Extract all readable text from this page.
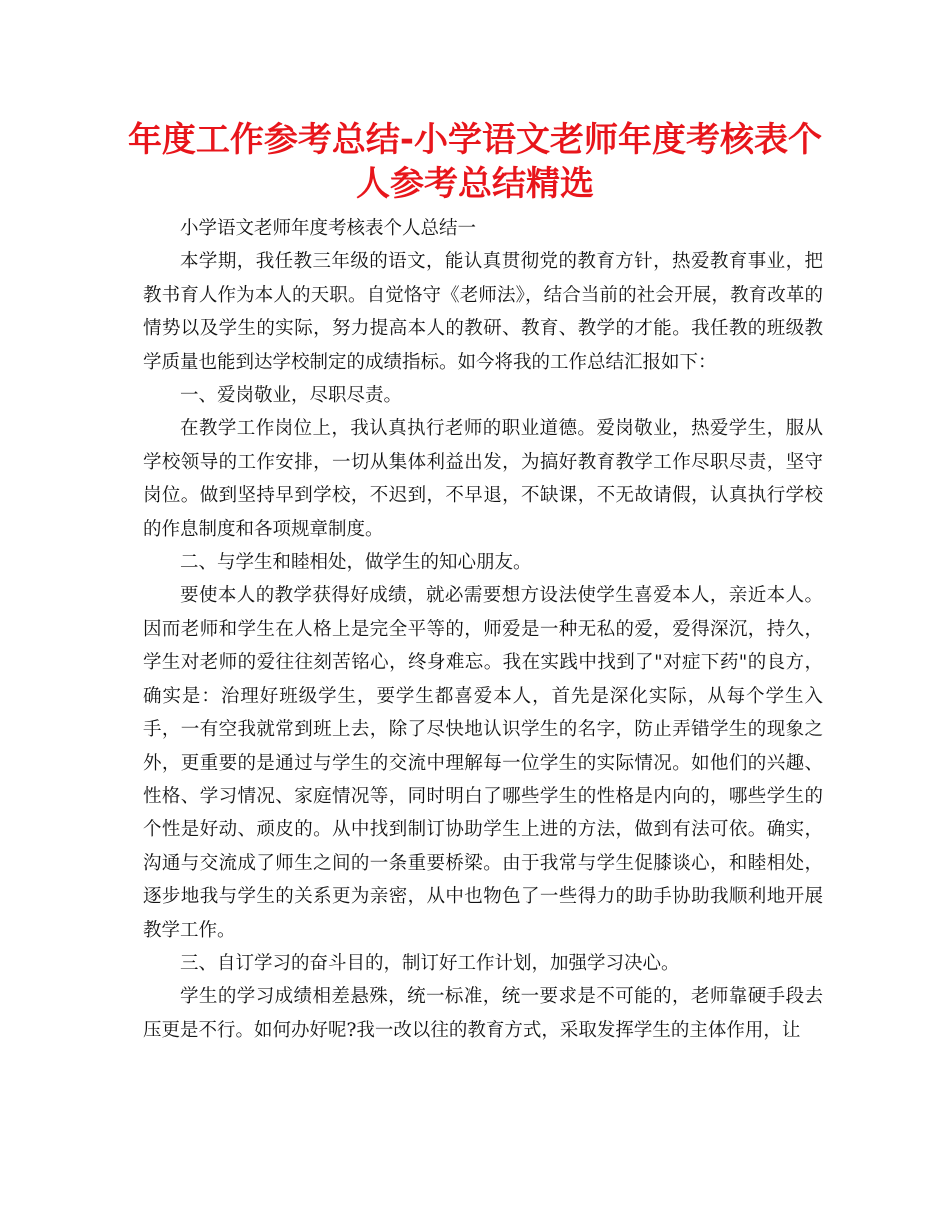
年度工作参考总结-小学语文老师年度考核表个人参考总结精选

小学语文老师年度考核表个人总结一

本学期，我任教三年级的语文，能认真贯彻党的教育方针，热爱教育事业，把教书育人作为本人的天职。自觉恪守《老师法》，结合当前的社会开展，教育改革的情势以及学生的实际，努力提高本人的教研、教育、教学的才能。我任教的班级教学质量也能到达学校制定的成绩指标。如今将我的工作总结汇报如下：

一、爱岗敬业，尽职尽责。

在教学工作岗位上，我认真执行老师的职业道德。爱岗敬业，热爱学生，服从学校领导的工作安排，一切从集体利益出发，为搞好教育教学工作尽职尽责，坚守岗位。做到坚持早到学校，不迟到，不早退，不缺课，不无故请假，认真执行学校的作息制度和各项规章制度。

二、与学生和睦相处，做学生的知心朋友。

要使本人的教学获得好成绩，就必需要想方设法使学生喜爱本人，亲近本人。因而老师和学生在人格上是完全平等的，师爱是一种无私的爱，爱得深沉，持久，学生对老师的爱往往刻苦铭心，终身难忘。我在实践中找到了"对症下药"的良方，确实是：治理好班级学生，要学生都喜爱本人，首先是深化实际，从每个学生入手，一有空我就常到班上去，除了尽快地认识学生的名字，防止弄错学生的现象之外，更重要的是通过与学生的交流中理解每一位学生的实际情况。如他们的兴趣、性格、学习情况、家庭情况等，同时明白了哪些学生的性格是内向的，哪些学生的个性是好动、顽皮的。从中找到制订协助学生上进的方法，做到有法可依。确实，沟通与交流成了师生之间的一条重要桥梁。由于我常与学生促膝谈心，和睦相处，逐步地我与学生的关系更为亲密，从中也物色了一些得力的助手协助我顺利地开展教学工作。

三、自订学习的奋斗目的，制订好工作计划，加强学习决心。

学生的学习成绩相差悬殊，统一标准，统一要求是不可能的，老师靠硬手段去压更是不行。如何办好呢?我一改以往的教育方式，采取发挥学生的主体作用，让
